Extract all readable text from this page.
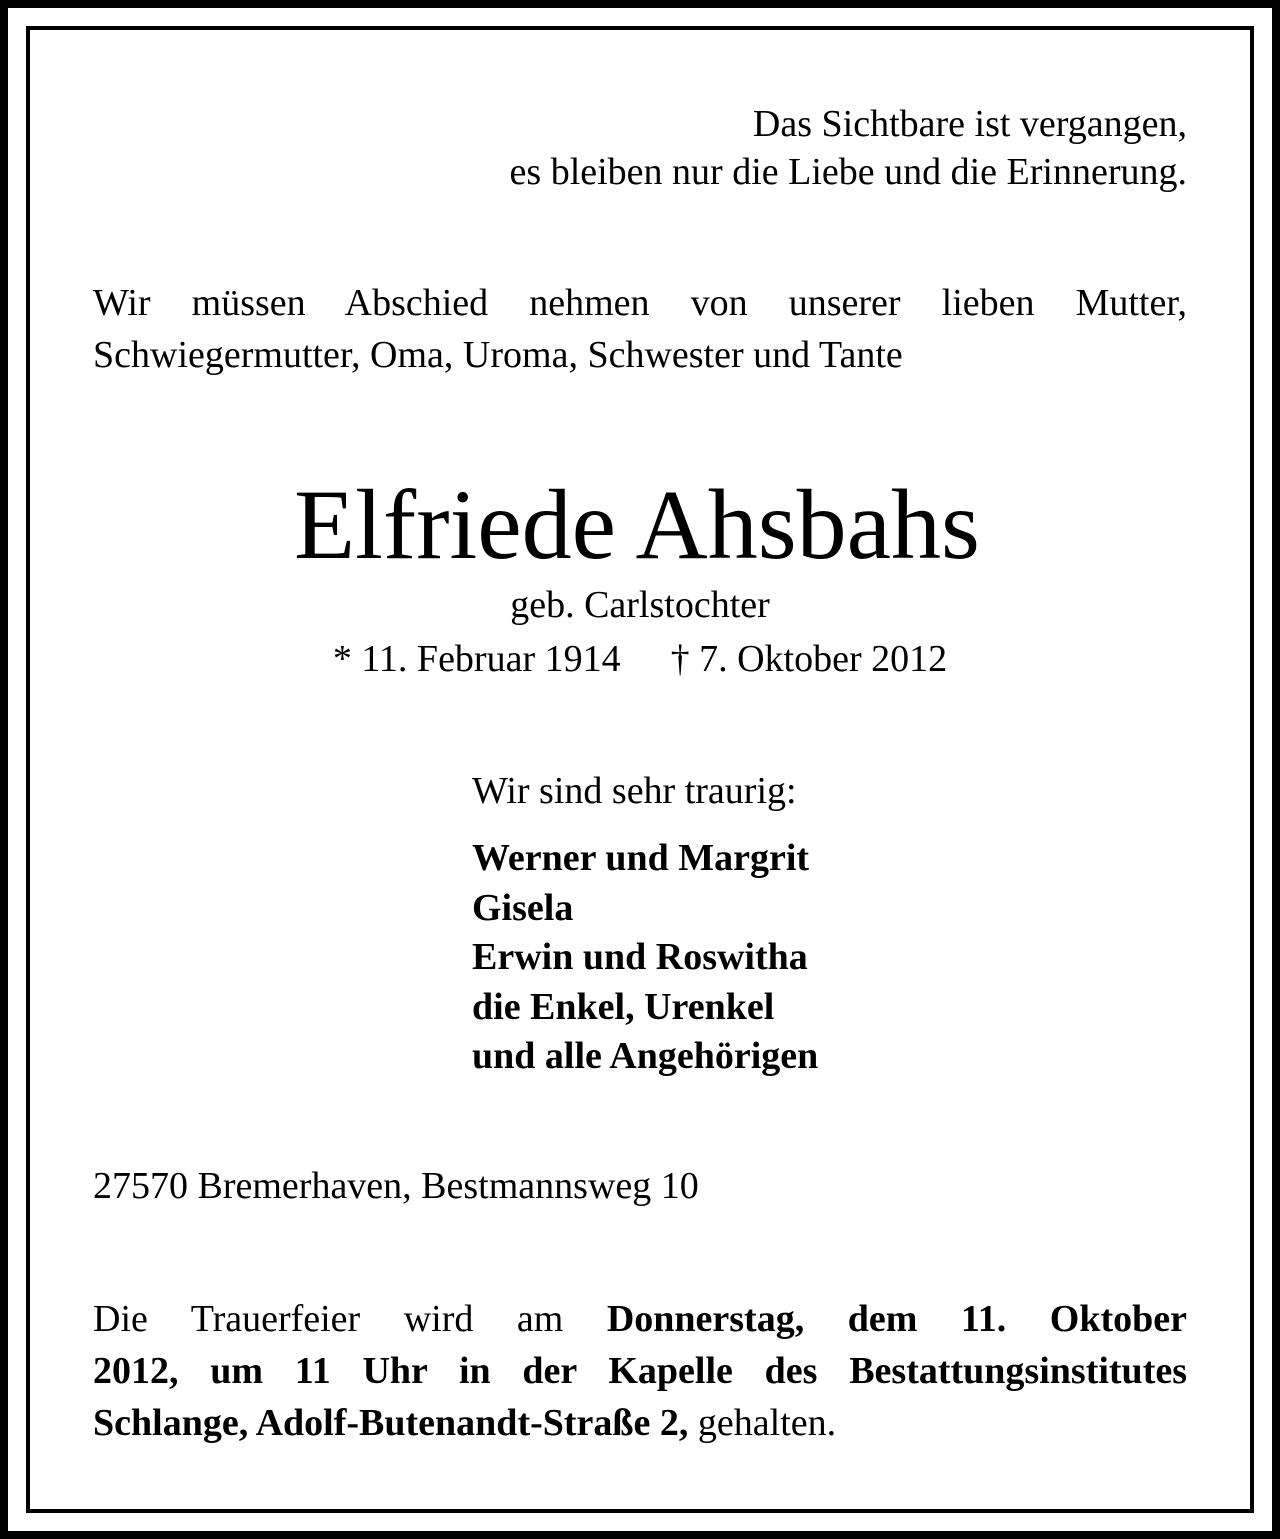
Das Sichtbare ist vergangen,
es bleiben nur die Liebe und die Erinnerung.
Wir müssen Abschied nehmen von unserer lieben Mutter,
Schwiegermutter, Oma, Uroma, Schwester und Tante
Elfriede Ahsbahs
geb. Carlstochter
* 11. Februar 1914 † 7. Oktober 2012
Wir sind sehr traurig:
Werner und Margrit
Gisela
Erwin und Roswitha
die Enkel, Urenkel
und alle Angehörigen
27570 Bremerhaven, Bestmannsweg 10
Die Trauerfeier wird am Donnerstag, dem 11. Oktober
2012, um 11 Uhr in der Kapelle des Bestattungsinstitutes
Schlange, Adolf-Butenandt-Straße 2, gehalten.
